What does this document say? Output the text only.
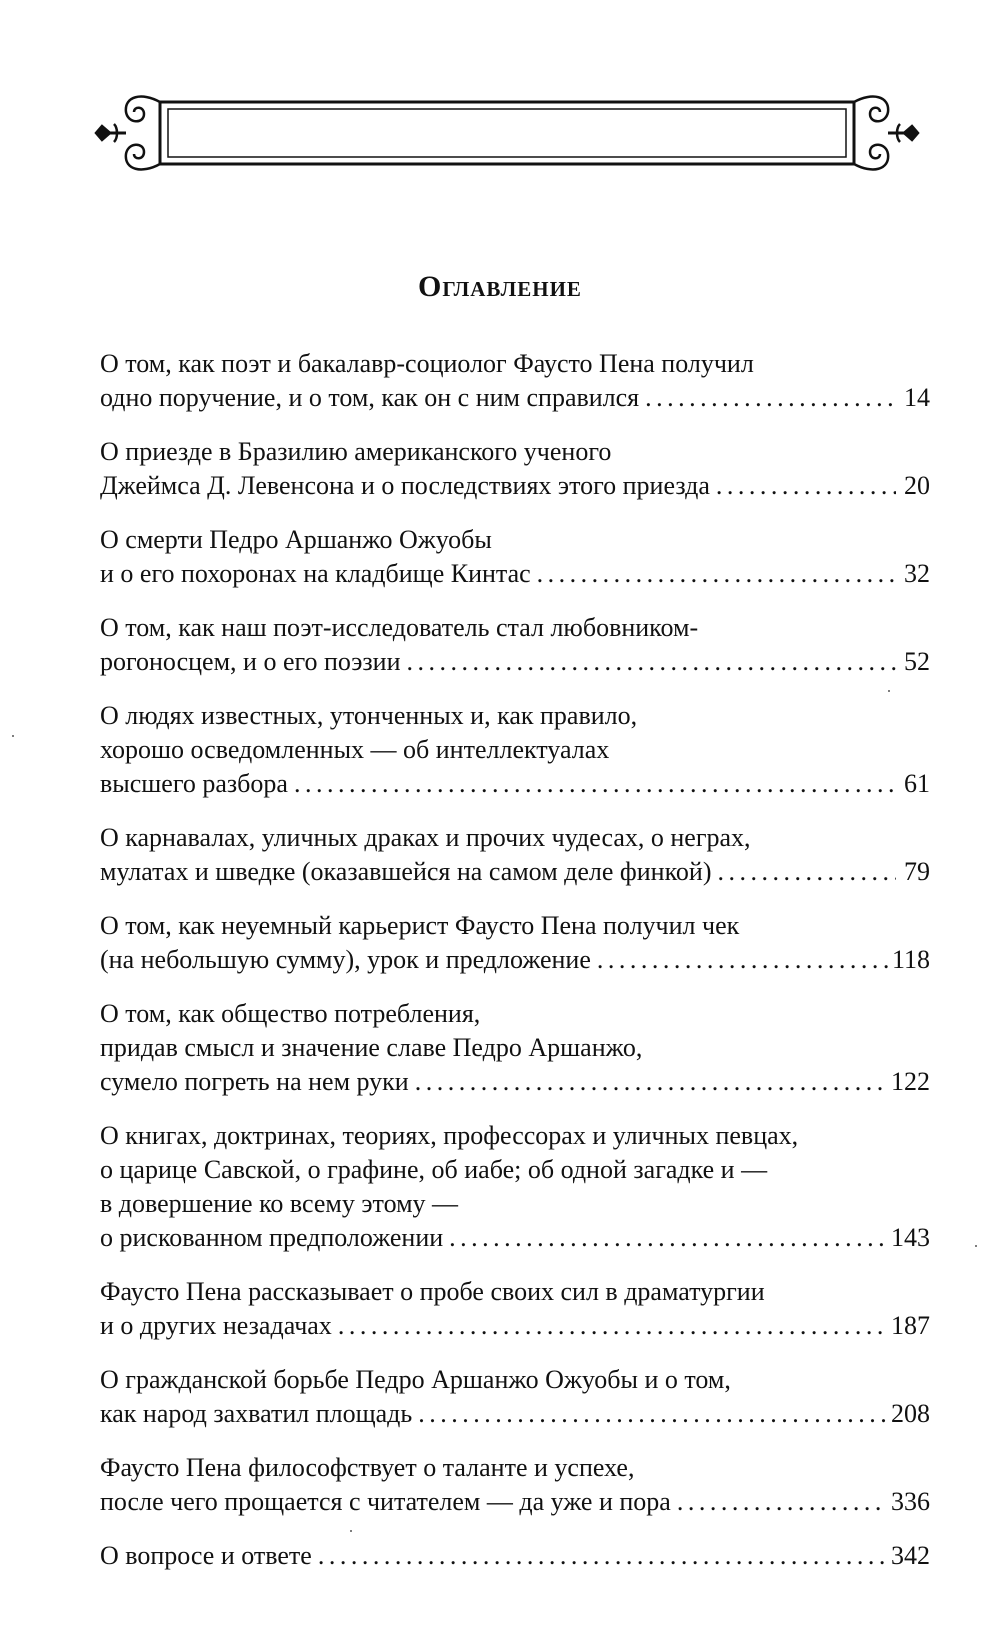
Оглавление
О том, как поэт и бакалавр-социолог Фаусто Пена получил
одно поручение, и о том, как он с ним справился . . .	14
О приезде в Бразилию американского ученого
Джеймса Д. Левенсона и о последствиях этого приезда . . .	20
О смерти Педро Аршанжо Ожуобы
и о его похоронах на кладбище Кинтас . . .	32
О том, как наш поэт-исследователь стал любовником-
рогоносцем, и о его поэзии . . .	52
О людях известных, утонченных и, как правило,
хорошо осведомленных — об интеллектуалах
высшего разбора . . .	61
О карнавалах, уличных драках и прочих чудесах, о неграх,
мулатах и шведке (оказавшейся на самом деле финкой) . . .	79
О том, как неуемный карьерист Фаусто Пена получил чек
(на небольшую сумму), урок и предложение . . .	118
О том, как общество потребления,
придав смысл и значение славе Педро Аршанжо,
сумело погреть на нем руки . . .	122
О книгах, доктринах, теориях, профессорах и уличных певцах,
о царице Савской, о графине, об иабе; об одной загадке и —
в довершение ко всему этому —
о рискованном предположении . . .	143
Фаусто Пена рассказывает о пробе своих сил в драматургии
и о других незадачах . . .	187
О гражданской борьбе Педро Аршанжо Ожуобы и о том,
как народ захватил площадь . . .	208
Фаусто Пена философствует о таланте и успехе,
после чего прощается с читателем — да уже и пора . . .	336
О вопросе и ответе . . .	342
